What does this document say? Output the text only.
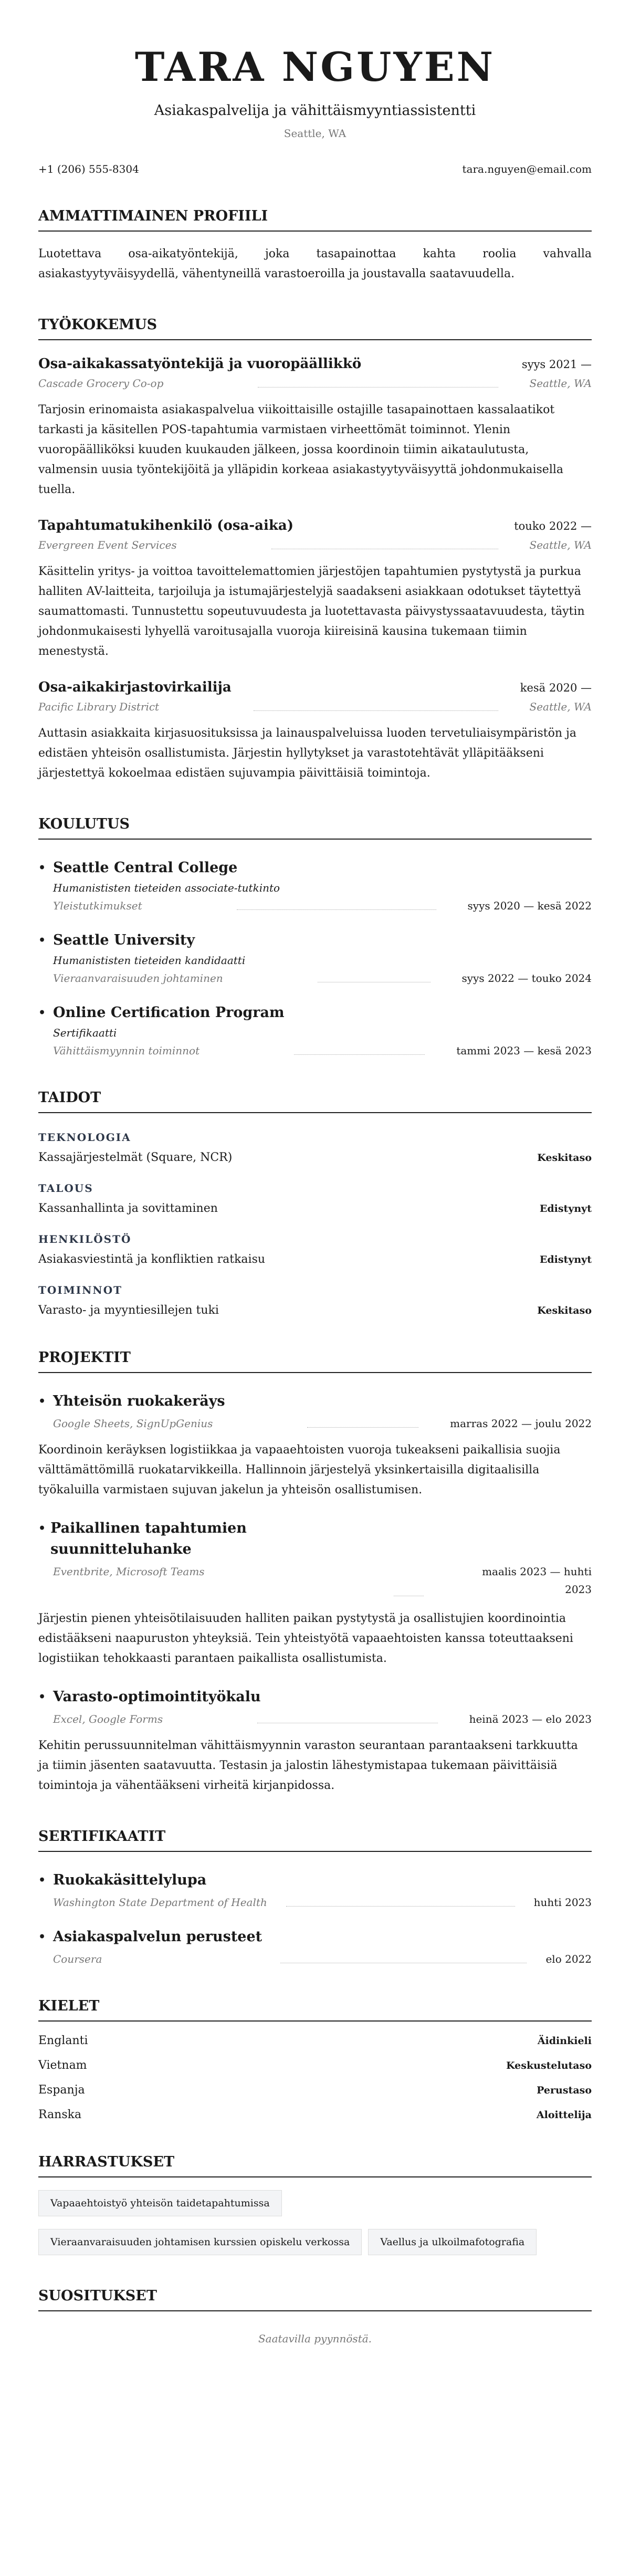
TARA NGUYEN
Asiakaspalvelija ja vähittäismyyntiassistentti
Seattle, WA
+1 (206) 555-8304	tara.nguyen@email.com
AMMATTIMAINEN PROFIILI

Luotettava osa-aikatyöntekijä, joka tasapainottaa kahta roolia vahvalla asiakastyytyväisyydellä, vähentyneillä varastoeroilla ja joustavalla saatavuudella.

TYÖKOKEMUS
Osa-aikakassatyöntekijä ja vuoropäällikkö	syys 2021 —
Cascade Grocery Co-op	Seattle, WA

Tarjosin erinomaista asiakaspalvelua viikoittaisille ostajille tasapainottaen kassalaatikot tarkasti ja käsitellen POS-tapahtumia varmistaen virheettömät toiminnot. Ylenin vuoropäälliköksi kuuden kuukauden jälkeen, jossa koordinoin tiimin aikataulutusta, valmensin uusia työntekijöitä ja ylläpidin korkeaa asiakastyytyväisyyttä johdonmukaisella tuella.

Tapahtumatukihenkilö (osa-aika)	touko 2022 —
Evergreen Event Services	Seattle, WA

Käsittelin yritys- ja voittoa tavoittelemattomien järjestöjen tapahtumien pystytystä ja purkua halliten AV-laitteita, tarjoiluja ja istumajärjestelyjä saadakseni asiakkaan odotukset täytettyä saumattomasti. Tunnustettu sopeutuvuudesta ja luotettavasta päivystyssaatavuudesta, täytin johdonmukaisesti lyhyellä varoitusajalla vuoroja kiireisinä kausina tukemaan tiimin menestystä.

Osa-aikakirjastovirkailija	kesä 2020 —
Pacific Library District	Seattle, WA

Auttasin asiakkaita kirjasuosituksissa ja lainauspalveluissa luoden tervetuliaisympäristön ja edistäen yhteisön osallistumista. Järjestin hyllytykset ja varastotehtävät ylläpitääkseni järjestettyä kokoelmaa edistäen sujuvampia päivittäisiä toimintoja.

KOULUTUS
• Seattle Central College
Humanististen tieteiden associate-tutkinto
Yleistutkimukset	syys 2020 — kesä 2022
• Seattle University
Humanististen tieteiden kandidaatti
Vieraanvaraisuuden johtaminen	syys 2022 — touko 2024
• Online Certification Program
Sertifikaatti
Vähittäismyynnin toiminnot	tammi 2023 — kesä 2023
TAIDOT
TEKNOLOGIA
Kassajärjestelmät (Square, NCR)	Keskitaso
TALOUS
Kassanhallinta ja sovittaminen	Edistynyt
HENKILÖSTÖ
Asiakasviestintä ja konfliktien ratkaisu	Edistynyt
TOIMINNOT
Varasto- ja myyntiesillejen tuki	Keskitaso
PROJEKTIT
• Yhteisön ruokakeräys
Google Sheets, SignUpGenius	marras 2022 — joulu 2022

Koordinoin keräyksen logistiikkaa ja vapaaehtoisten vuoroja tukeakseni paikallisia suojia välttämättömillä ruokatarvikkeilla. Hallinnoin järjestelyä yksinkertaisilla digitaalisilla työkaluilla varmistaen sujuvan jakelun ja yhteisön osallistumisen.

• Paikallinen tapahtumien suunnitteluhanke
Eventbrite, Microsoft Teams	maalis 2023 — huhti 2023

Järjestin pienen yhteisötilaisuuden halliten paikan pystytystä ja osallistujien koordinointia edistääkseni naapuruston yhteyksiä. Tein yhteistyötä vapaaehtoisten kanssa toteuttaakseni logistiikan tehokkaasti parantaen paikallista osallistumista.

• Varasto-optimointityökalu
Excel, Google Forms	heinä 2023 — elo 2023

Kehitin perussuunnitelman vähittäismyynnin varaston seurantaan parantaakseni tarkkuutta ja tiimin jäsenten saatavuutta. Testasin ja jalostin lähestymistapaa tukemaan päivittäisiä toimintoja ja vähentääkseni virheitä kirjanpidossa.

SERTIFIKAATIT
• Ruokakäsittelylupa
Washington State Department of Health	huhti 2023
• Asiakaspalvelun perusteet
Coursera	elo 2022
KIELET
Englanti	Äidinkieli
Vietnam	Keskustelutaso
Espanja	Perustaso
Ranska	Aloittelija
HARRASTUKSET
Vapaaehtoistyö yhteisön taidetapahtumissa
Vieraanvaraisuuden johtamisen kurssien opiskelu verkossa	Vaellus ja ulkoilmafotografia
SUOSITUKSET

Saatavilla pyynnöstä.
